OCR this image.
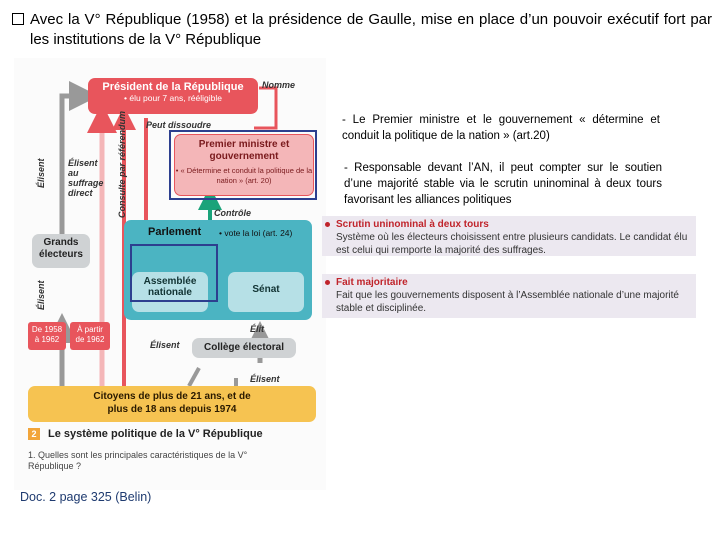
Avec la V° République (1958) et la présidence de Gaulle, mise en place d’un pouvoir exécutif fort par les institutions de la V° République
Président de la République
• élu pour 7 ans, rééligible
Nomme
Peut dissoudre
Premier ministre et gouvernement
• « Détermine et conduit la politique de la nation » (art. 20)
Contrôle
Parlement • vote la loi (art. 24)
Assemblée nationale	Sénat
Grands électeurs
Élisent Élisent au suffrage direct	Consulte par référendum
Élisent
De 1958 à 1962
À partir de 1962
Élisent
Élit
Collège électoral
Élisent
Citoyens de plus de 21 ans, et de plus de 18 ans depuis 1974
2	Le système politique de la V° République
1. Quelles sont les principales caractéristiques de la V° République ?
- Le Premier ministre et le gouvernement « détermine et conduit la politique de la nation » (art.20)
- Responsable devant l’AN, il peut compter sur le soutien d’une majorité stable via le scrutin uninominal à deux tours favorisant les alliances politiques
Scrutin uninominal à deux tours
Système où les électeurs choisissent entre plusieurs candidats. Le candidat élu est celui qui remporte la majorité des suffrages.
Fait majoritaire
Fait que les gouvernements disposent à l’Assemblée nationale d’une majorité stable et disciplinée.
Doc. 2 page 325 (Belin)
